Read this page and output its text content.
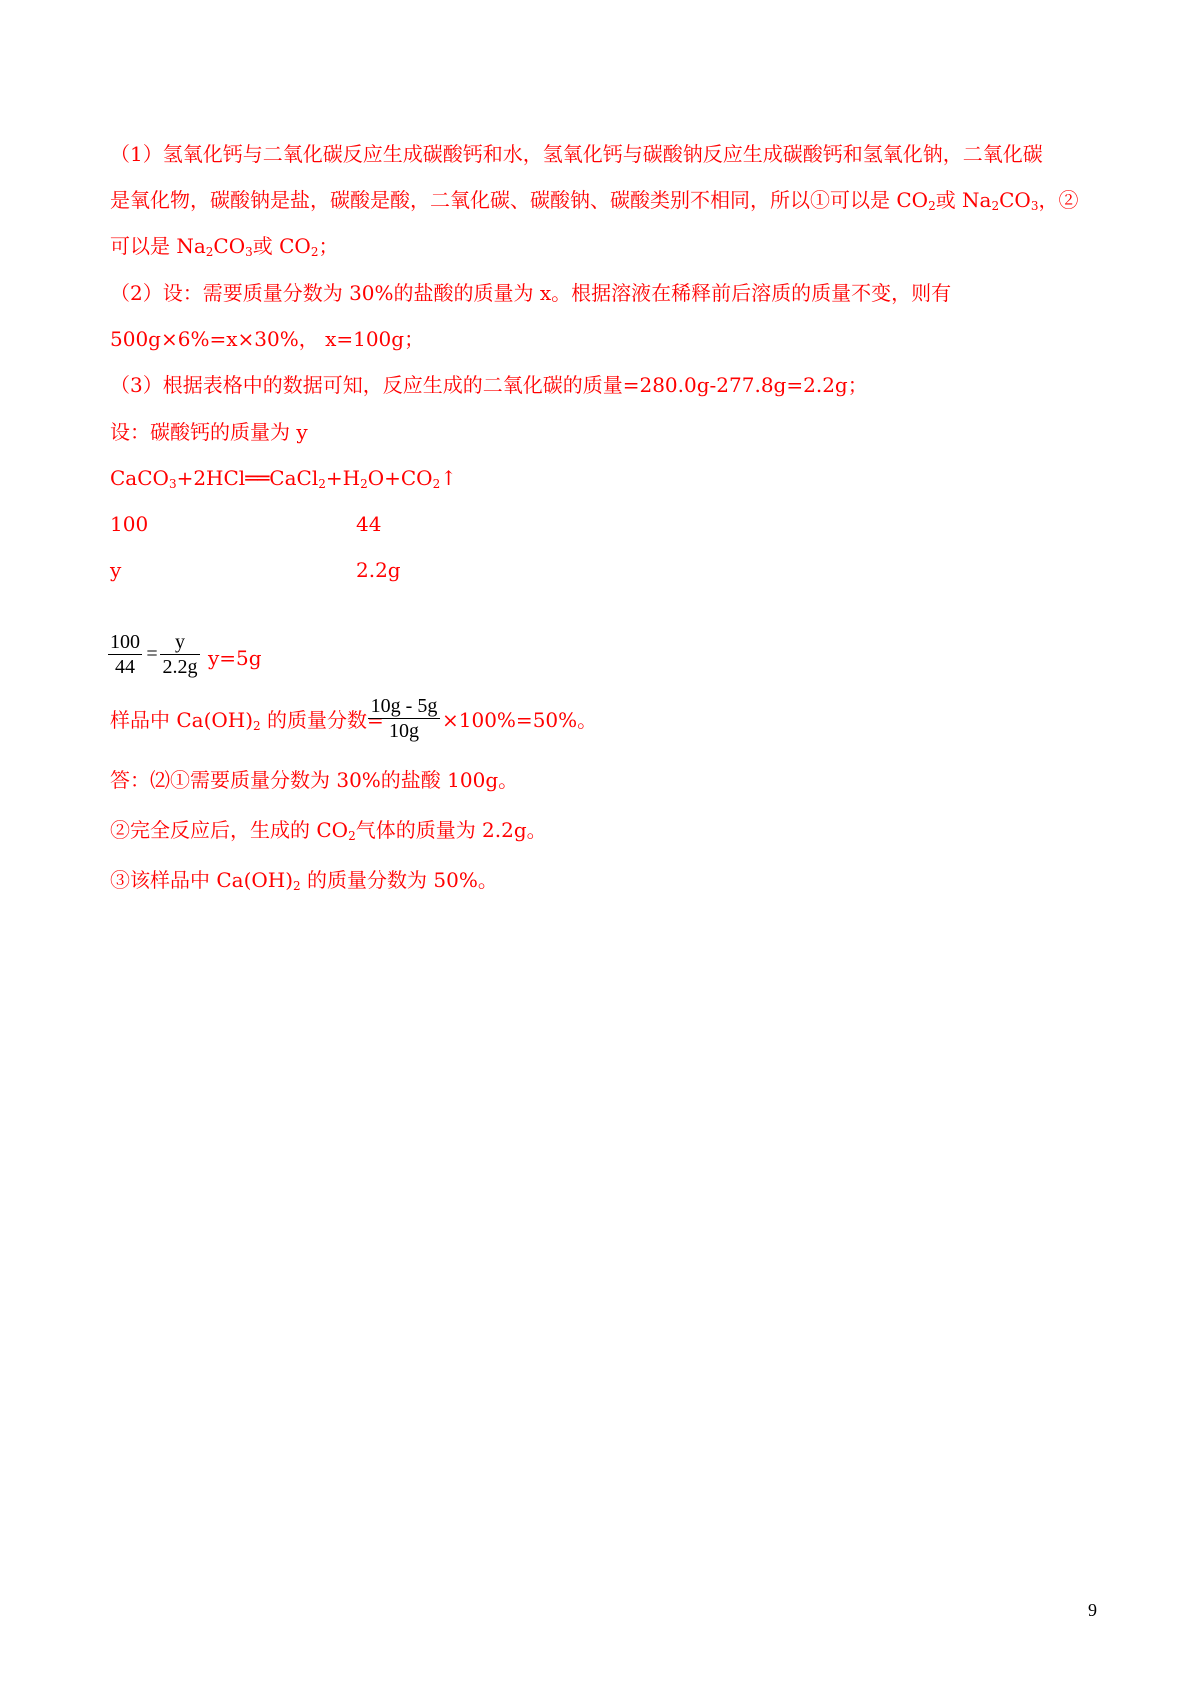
（1）氢氧化钙与二氧化碳反应生成碳酸钙和水，氢氧化钙与碳酸钠反应生成碳酸钙和氢氧化钠，二氧化碳
是氧化物，碳酸钠是盐，碳酸是酸，二氧化碳、碳酸钠、碳酸类别不相同，所以①可以是 $CO_2$或 $Na_2CO_3$，②
可以是 $Na_2CO_3$或 $CO_2$；
（2）设：需要质量分数为 30%的盐酸的质量为 x。根据溶液在稀释前后溶质的质量不变，则有
500g×6%=x×30%， x=100g；
（3）根据表格中的数据可知，反应生成的二氧化碳的质量=280.0g-277.8g=2.2g；
设：碳酸钙的质量为 y
$CaCO_3+2HCl══CaCl_2+H_2O+CO_2↑$
100	44
y	2.2g
100
44
=
y
2.2g y=5g
样品中 $Ca(OH)_2$ 的质量分数=
10g - 5g
10g	×100%=50%。
答：⑵①需要质量分数为 30%的盐酸 100g。
②完全反应后，生成的 $CO_2$气体的质量为 2.2g。
③该样品中 $Ca(OH)_2$ 的质量分数为 50%。
9
